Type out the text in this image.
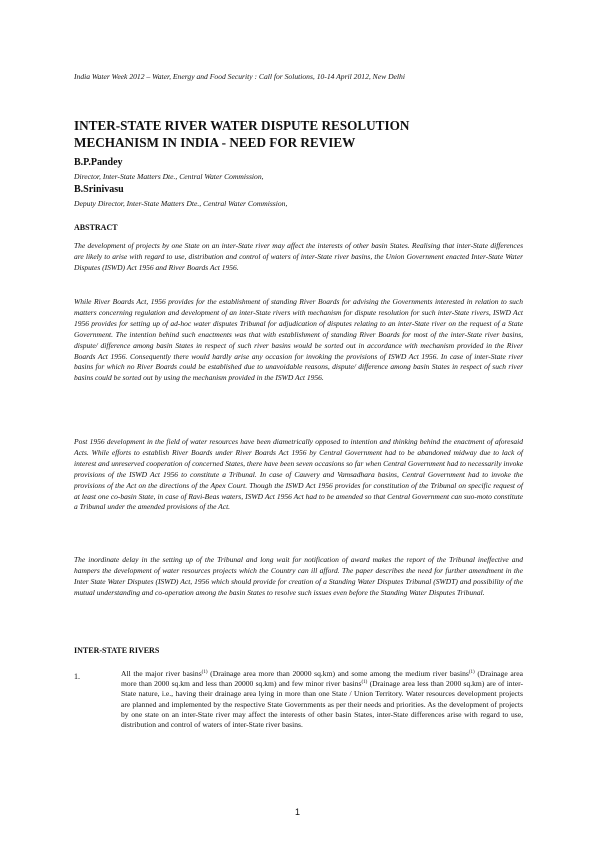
India Water Week 2012 – Water, Energy and Food Security : Call for Solutions, 10-14 April 2012, New Delhi
INTER-STATE RIVER WATER DISPUTE RESOLUTION
MECHANISM IN INDIA - NEED FOR REVIEW
B.P.Pandey
Director, Inter-State Matters Dte., Central Water Commission,
B.Srinivasu
Deputy Director, Inter-State Matters Dte., Central Water Commission,
ABSTRACT
The development of projects by one State on an inter-State river may affect the interests of other basin States. Realising that inter-State differences are likely to arise with regard to use, distribution and control of waters of inter-State river basins, the Union Government enacted Inter-State Water Disputes (ISWD) Act 1956 and River Boards Act 1956.
While River Boards Act, 1956 provides for the establishment of standing River Boards for advising the Governments interested in relation to such matters concerning regulation and development of an inter-State rivers with mechanism for dispute resolution for such inter-State rivers, ISWD Act 1956 provides for setting up of ad-hoc water disputes Tribunal for adjudication of disputes relating to an inter-State river on the request of a State Government. The intention behind such enactments was that with establishment of standing River Boards for most of the inter-State river basins, dispute/ difference among basin States in respect of such river basins would be sorted out in accordance with mechanism provided in the River Boards Act 1956. Consequently there would hardly arise any occasion for invoking the provisions of ISWD Act 1956. In case of inter-State river basins for which no River Boards could be established due to unavoidable reasons, dispute/ difference among basin States in respect of such river basins could be sorted out by using the mechanism provided in the ISWD Act 1956.
Post 1956 development in the field of water resources have been diametrically opposed to intention and thinking behind the enactment of aforesaid Acts. While efforts to establish River Boards under River Boards Act 1956 by Central Government had to be abandoned midway due to lack of interest and unreserved cooperation of concerned States, there have been seven occasions so far when Central Government had to necessarily invoke provisions of the ISWD Act 1956 to constitute a Tribunal. In case of Cauvery and Vamsadhara basins, Central Government had to invoke the provisions of the Act on the directions of the Apex Court. Though the ISWD Act 1956 provides for constitution of the Tribunal on specific request of at least one co-basin State, in case of Ravi-Beas waters, ISWD Act 1956 Act had to be amended so that Central Government can suo-moto constitute a Tribunal under the amended provisions of the Act.
The inordinate delay in the setting up of the Tribunal and long wait for notification of award makes the report of the Tribunal ineffective and hampers the development of water resources projects which the Country can ill afford. The paper describes the need for further amendment in the Inter State Water Disputes (ISWD) Act, 1956 which should provide for creation of a Standing Water Disputes Tribunal (SWDT) and possibility of the mutual understanding and co-operation among the basin States to resolve such issues even before the Standing Water Disputes Tribunal.
INTER-STATE RIVERS
1.	All the major river basins$^{(1)}$ (Drainage area more than 20000 sq.km) and some among the medium river basins$^{(1)}$ (Drainage area more than 2000 sq.km and less than 20000 sq.km) and few minor river basins$^{(1)}$ (Drainage area less than 2000 sq.km) are of inter-State nature, i.e., having their drainage area lying in more than one State / Union Territory. Water resources development projects are planned and implemented by the respective State Governments as per their needs and priorities. As the development of projects by one state on an inter-State river may affect the interests of other basin States, inter-State differences arise with regard to use, distribution and control of waters of inter-State river basins.
1
